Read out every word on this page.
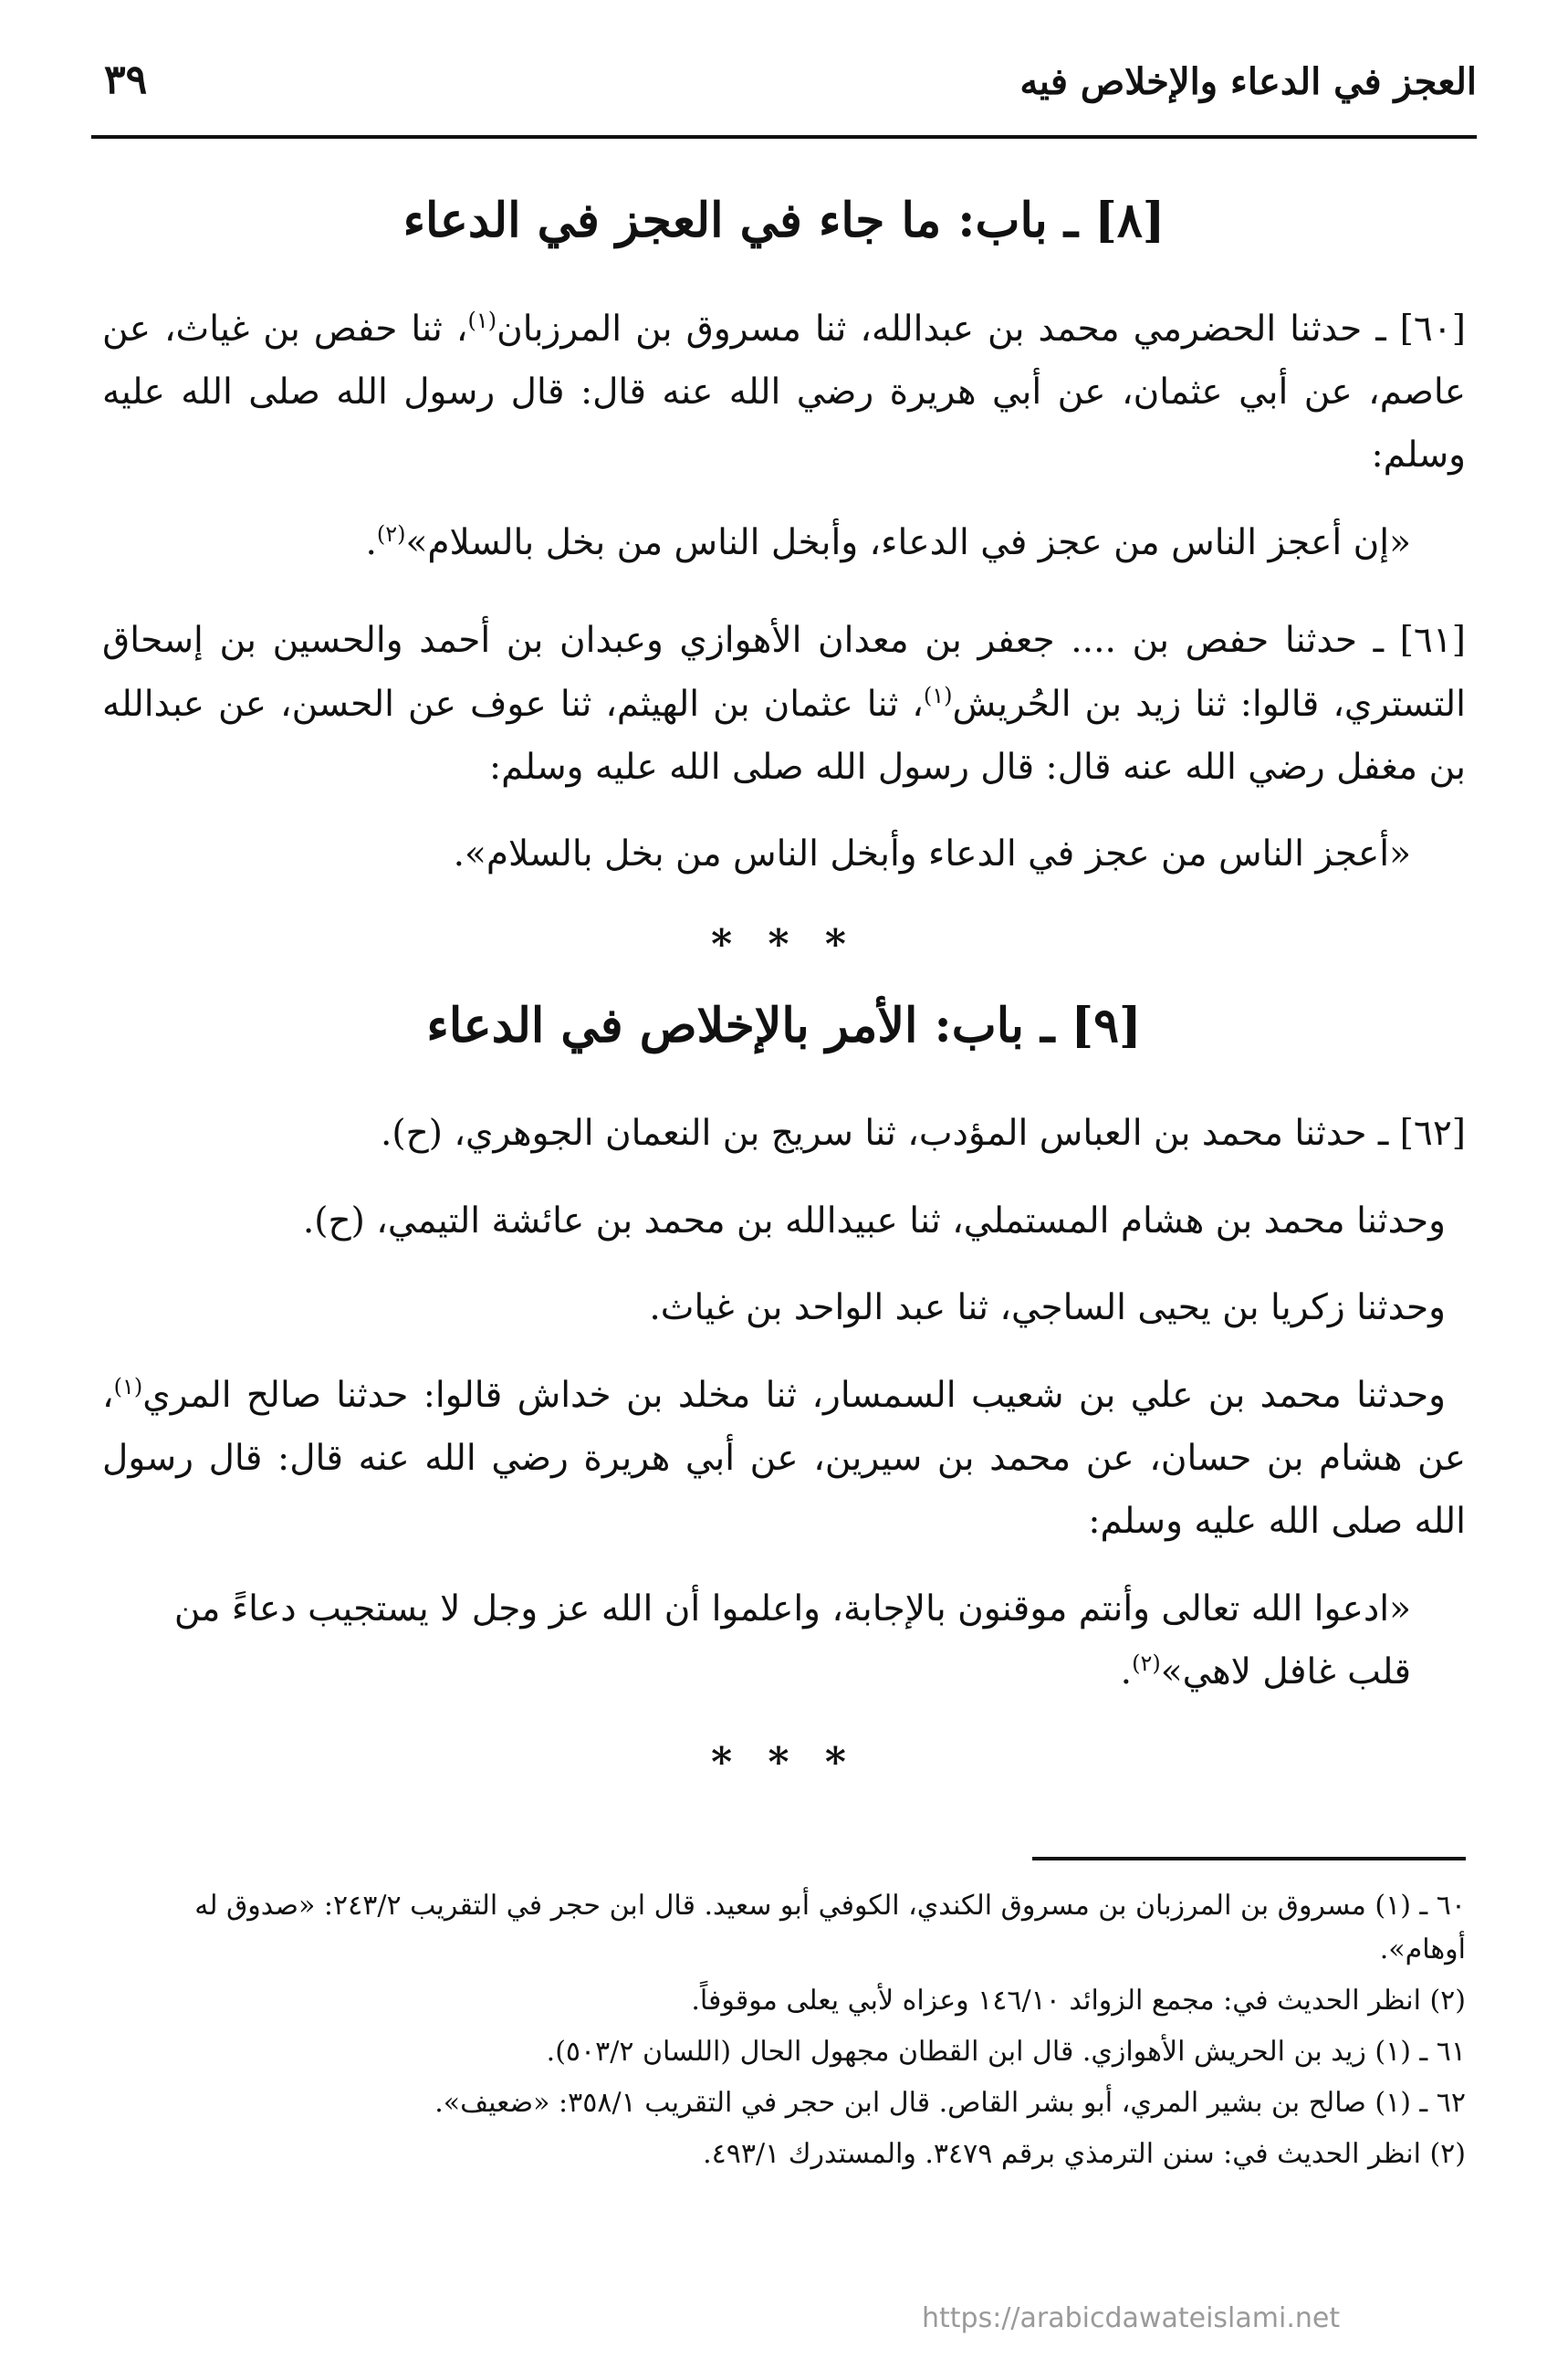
العجز في الدعاء والإخلاص فيه
٣٩
[٨] ـ باب: ما جاء في العجز في الدعاء

[٦٠] ـ حدثنا الحضرمي محمد بن عبدالله، ثنا مسروق بن المرزبان$^{(١)}$، ثنا حفص بن غياث، عن عاصم، عن أبي عثمان، عن أبي هريرة رضي الله عنه قال: قال رسول الله صلى الله عليه وسلم:

«إن أعجز الناس من عجز في الدعاء، وأبخل الناس من بخل بالسلام»$^{(٢)}$.

[٦١] ـ حدثنا حفص بن .... جعفر بن معدان الأهوازي وعبدان بن أحمد والحسين بن إسحاق التستري، قالوا: ثنا زيد بن الحُريش$^{(١)}$، ثنا عثمان بن الهيثم، ثنا عوف عن الحسن، عن عبدالله بن مغفل رضي الله عنه قال: قال رسول الله صلى الله عليه وسلم:

«أعجز الناس من عجز في الدعاء وأبخل الناس من بخل بالسلام».

* * *
[٩] ـ باب: الأمر بالإخلاص في الدعاء

[٦٢] ـ حدثنا محمد بن العباس المؤدب، ثنا سريج بن النعمان الجوهري، (ح).

وحدثنا محمد بن هشام المستملي، ثنا عبيدالله بن محمد بن عائشة التيمي، (ح).

وحدثنا زكريا بن يحيى الساجي، ثنا عبد الواحد بن غياث.

وحدثنا محمد بن علي بن شعيب السمسار، ثنا مخلد بن خداش قالوا: حدثنا صالح المري$^{(١)}$، عن هشام بن حسان، عن محمد بن سيرين، عن أبي هريرة رضي الله عنه قال: قال رسول الله صلى الله عليه وسلم:

«ادعوا الله تعالى وأنتم موقنون بالإجابة، واعلموا أن الله عز وجل لا يستجيب دعاءً من قلب غافل لاهي»$^{(٢)}$.

* * *

٦٠ ـ (١) مسروق بن المرزبان بن مسروق الكندي، الكوفي أبو سعيد. قال ابن حجر في التقريب ٢٤٣/٢: «صدوق له أوهام».

(٢) انظر الحديث في: مجمع الزوائد ١٤٦/١٠ وعزاه لأبي يعلى موقوفاً.

٦١ ـ (١) زيد بن الحريش الأهوازي. قال ابن القطان مجهول الحال (اللسان ٥٠٣/٢).

٦٢ ـ (١) صالح بن بشير المري، أبو بشر القاص. قال ابن حجر في التقريب ٣٥٨/١: «ضعيف».

(٢) انظر الحديث في: سنن الترمذي برقم ٣٤٧٩. والمستدرك ٤٩٣/١.

https://arabicdawateislami.net
